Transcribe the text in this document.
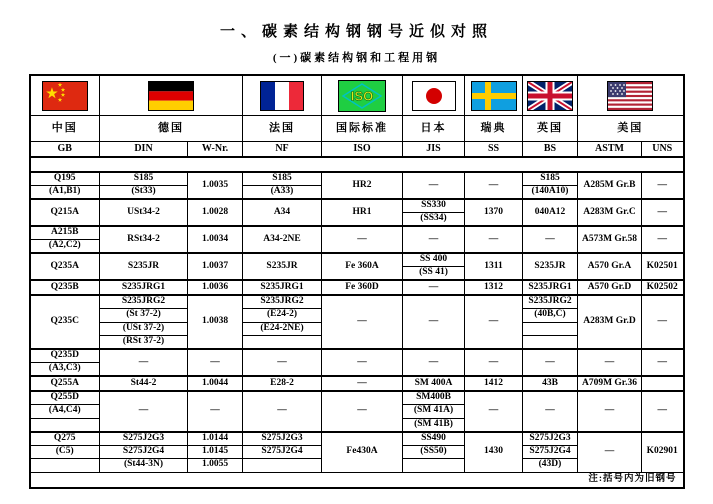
一、碳素结构钢钢号近似对照
(一)碳素结构钢和工程用钢
★ ★
★
★
★				ISO

中国	德国		法国	国际标准	日本	瑞典	英国	美国	
GB	DIN	W-Nr.	NF	ISO	JIS	SS	BS	ASTM	UNS

Q195	S185	1.0035	S185	HR2	—	—	S185	A285M Gr.B	—
(A1,B1)	(St33)		(A33)				(140A10)		
Q215A	USt34-2	1.0028	A34	HR1	SS330	1370	040A12	A283M Gr.C	—
					(SS34)				
A215B	RSt34-2	1.0034	A34-2NE	—	—	—	—	A573M Gr.58	—
(A2,C2)									
Q235A	S235JR	1.0037	S235JR	Fe 360A	SS 400	1311	S235JR	A570 Gr.A	K02501
					(SS 41)				
Q235B	S235JRG1	1.0036	S235JRG1	Fe 360D	—	1312	S235JRG1	A570 Gr.D	K02502
Q235C	S235JRG2	1.0038	S235JRG2	—	—	—	S235JRG2	A283M Gr.D	—
	(St 37-2)		(E24-2)				(40B,C)		
	(USt 37-2)		(E24-2NE)						
	(RSt 37-2)								
Q235D	—	—	—	—	—	—	—	—	—
(A3,C3)									
Q255A	St44-2	1.0044	E28-2	—	SM 400A	1412	43B	A709M Gr.36	
Q255D	—	—	—	—	SM400B	—	—	—	—
(A4,C4)					(SM 41A)				
					(SM 41B)				
Q275	S275J2G3	1.0144	S275J2G3	Fe430A	SS490	1430	S275J2G3	—	K02901
(C5)	S275J2G4	1.0145	S275J2G4		(SS50)		S275J2G4		
	(St44-3N)	1.0055					(43D)		
注:括号内为旧钢号									
